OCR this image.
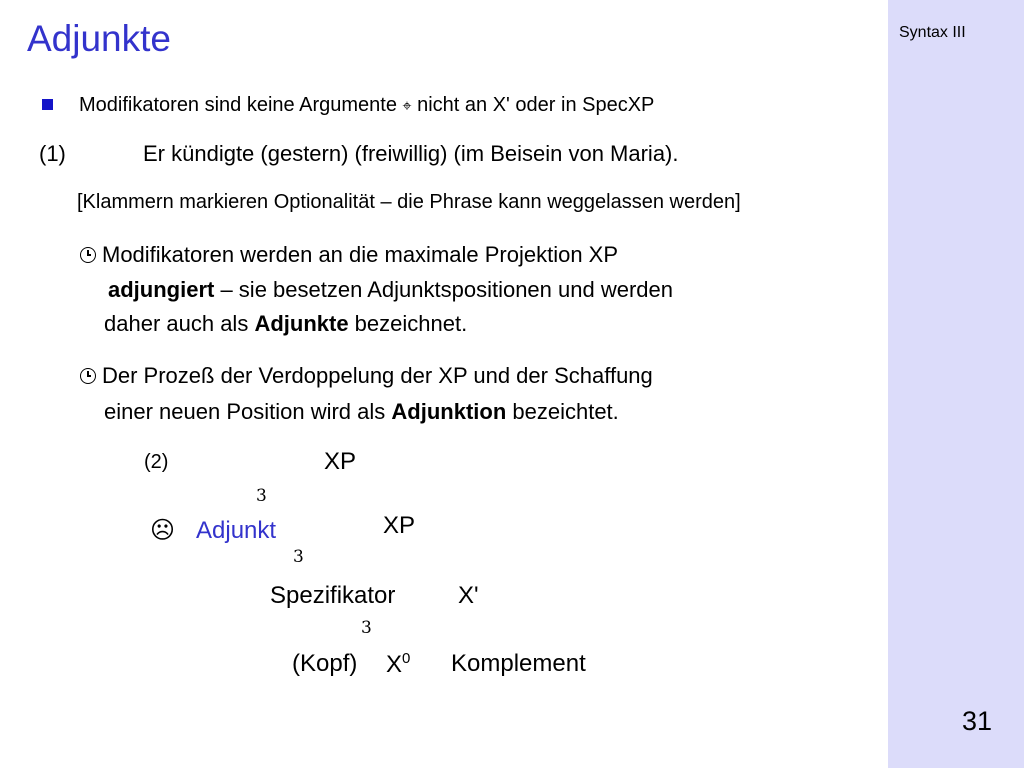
Syntax III
31
Adjunkte
Modifikatoren sind keine Argumente ⌖ nicht an X' oder in SpecXP
(1)	Er kündigte (gestern) (freiwillig) (im Beisein von Maria).
[Klammern markieren Optionalität – die Phrase kann weggelassen werden]
Modifikatoren werden an die maximale Projektion XP
adjungiert – sie besetzen Adjunktspositionen und werden
daher auch als Adjunkte bezeichnet.
Der Prozeß der Verdoppelung der XP und der Schaffung
einer neuen Position wird als Adjunktion bezeichtet.
(2)	XP
3
☹ Adjunkt	XP
3
Spezifikator	X'
3
(Kopf) $X^0$ Komplement
